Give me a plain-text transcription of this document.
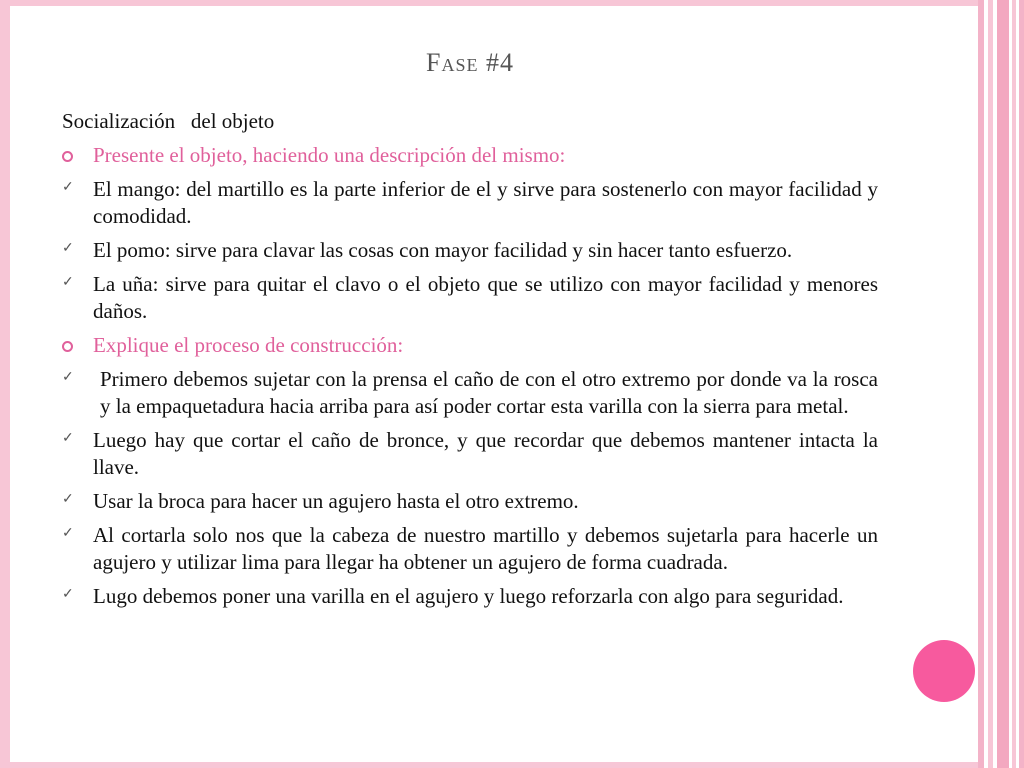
Fase #4
Socialización   del objeto
Presente el objeto, haciendo una descripción del mismo:
✓ El mango: del martillo es la parte inferior de el y sirve para sostenerlo con mayor facilidad y comodidad.
✓ El pomo: sirve para clavar las cosas con mayor facilidad y sin hacer tanto esfuerzo.
✓ La uña: sirve para quitar el clavo o el objeto que se utilizo con mayor facilidad y menores daños.
Explique el proceso de construcción:
✓	Primero debemos sujetar con la prensa el caño de con el otro extremo por donde va la rosca y la empaquetadura hacia arriba para así poder cortar esta varilla con la sierra para metal.
✓ Luego hay que cortar el caño de bronce, y que recordar que debemos mantener intacta la llave.
✓ Usar la broca para hacer un agujero hasta el otro extremo.
✓ Al cortarla solo nos que la cabeza de nuestro martillo y debemos sujetarla para hacerle un agujero y utilizar lima para llegar ha obtener un agujero de forma cuadrada.
✓ Lugo debemos poner una varilla en el agujero y luego reforzarla con algo para seguridad.
